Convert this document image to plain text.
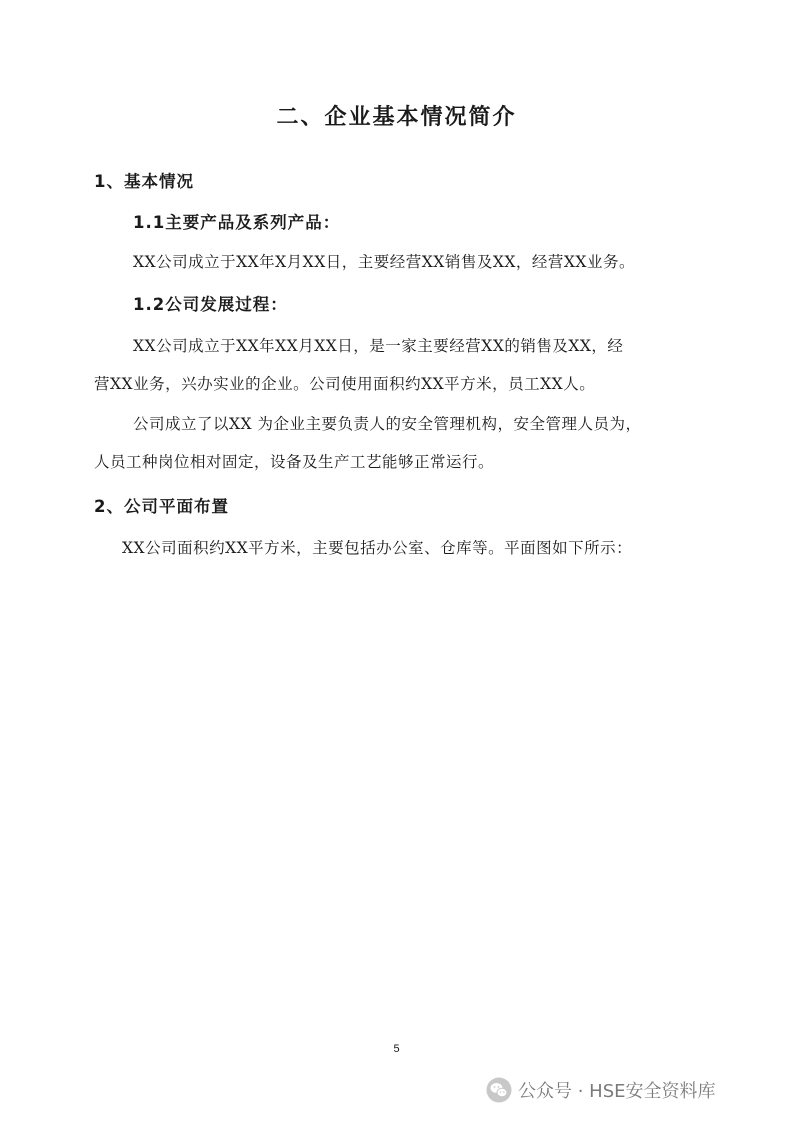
二、企业基本情况简介
1、基本情况
1.1主要产品及系列产品：

XX公司成立于XX年X月XX日，主要经营XX销售及XX，经营XX业务。

1.2公司发展过程：

XX公司成立于XX年XX月XX日，是一家主要经营XX的销售及XX，经

营XX业务，兴办实业的企业。公司使用面积约XX平方米，员工XX人。

公司成立了以XX 为企业主要负责人的安全管理机构，安全管理人员为，

人员工种岗位相对固定，设备及生产工艺能够正常运行。

2、公司平面布置

XX公司面积约XX平方米，主要包括办公室、仓库等。平面图如下所示：

5
公众号 · HSE安全资料库
